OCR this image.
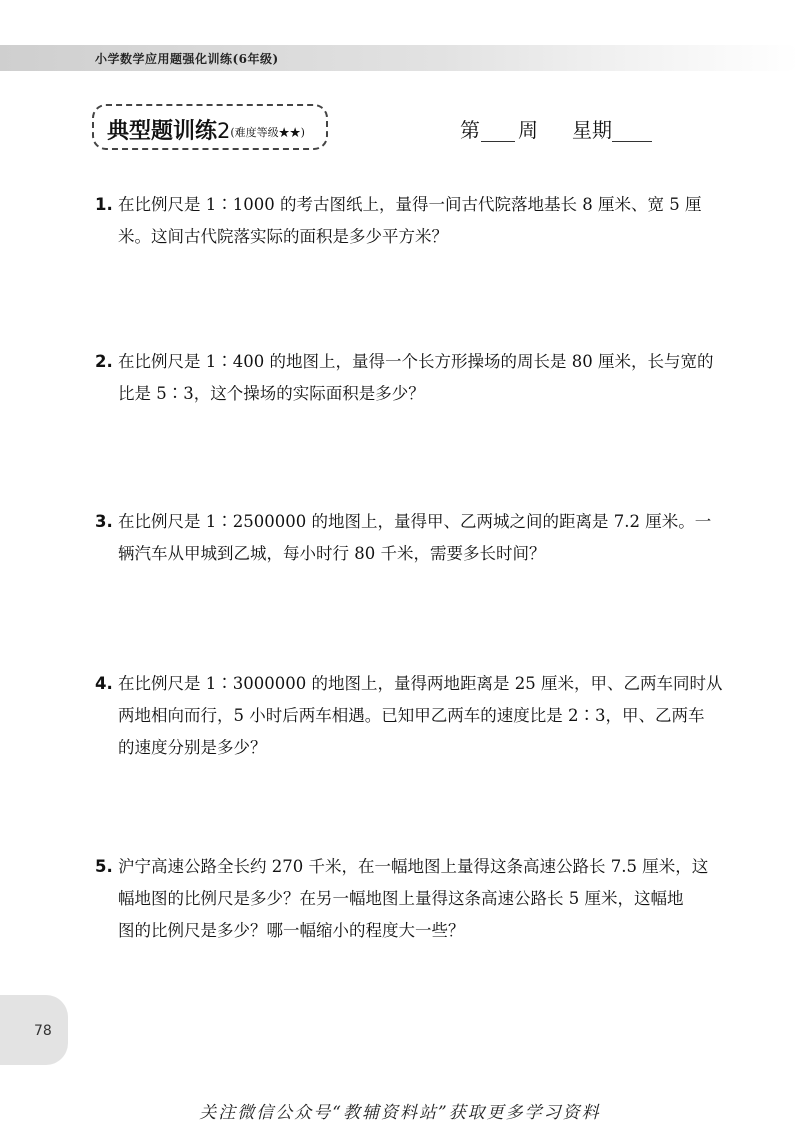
小学数学应用题强化训练(6年级)
典型题训练2(难度等级★★)	第 周 星期
1. 在比例尺是 1∶1000 的考古图纸上，量得一间古代院落地基长 8 厘米、宽 5 厘
米。这间古代院落实际的面积是多少平方米？
2. 在比例尺是 1∶400 的地图上，量得一个长方形操场的周长是 80 厘米，长与宽的
比是 5∶3，这个操场的实际面积是多少？
3. 在比例尺是 1∶2500000 的地图上，量得甲、乙两城之间的距离是 7.2 厘米。一
辆汽车从甲城到乙城，每小时行 80 千米，需要多长时间？
4. 在比例尺是 1∶3000000 的地图上，量得两地距离是 25 厘米，甲、乙两车同时从
两地相向而行，5 小时后两车相遇。已知甲乙两车的速度比是 2∶3，甲、乙两车
的速度分别是多少？
5. 沪宁高速公路全长约 270 千米，在一幅地图上量得这条高速公路长 7.5 厘米，这
幅地图的比例尺是多少？在另一幅地图上量得这条高速公路长 5 厘米，这幅地
图的比例尺是多少？哪一幅缩小的程度大一些？
78
关注微信公众号“教辅资料站”获取更多学习资料
